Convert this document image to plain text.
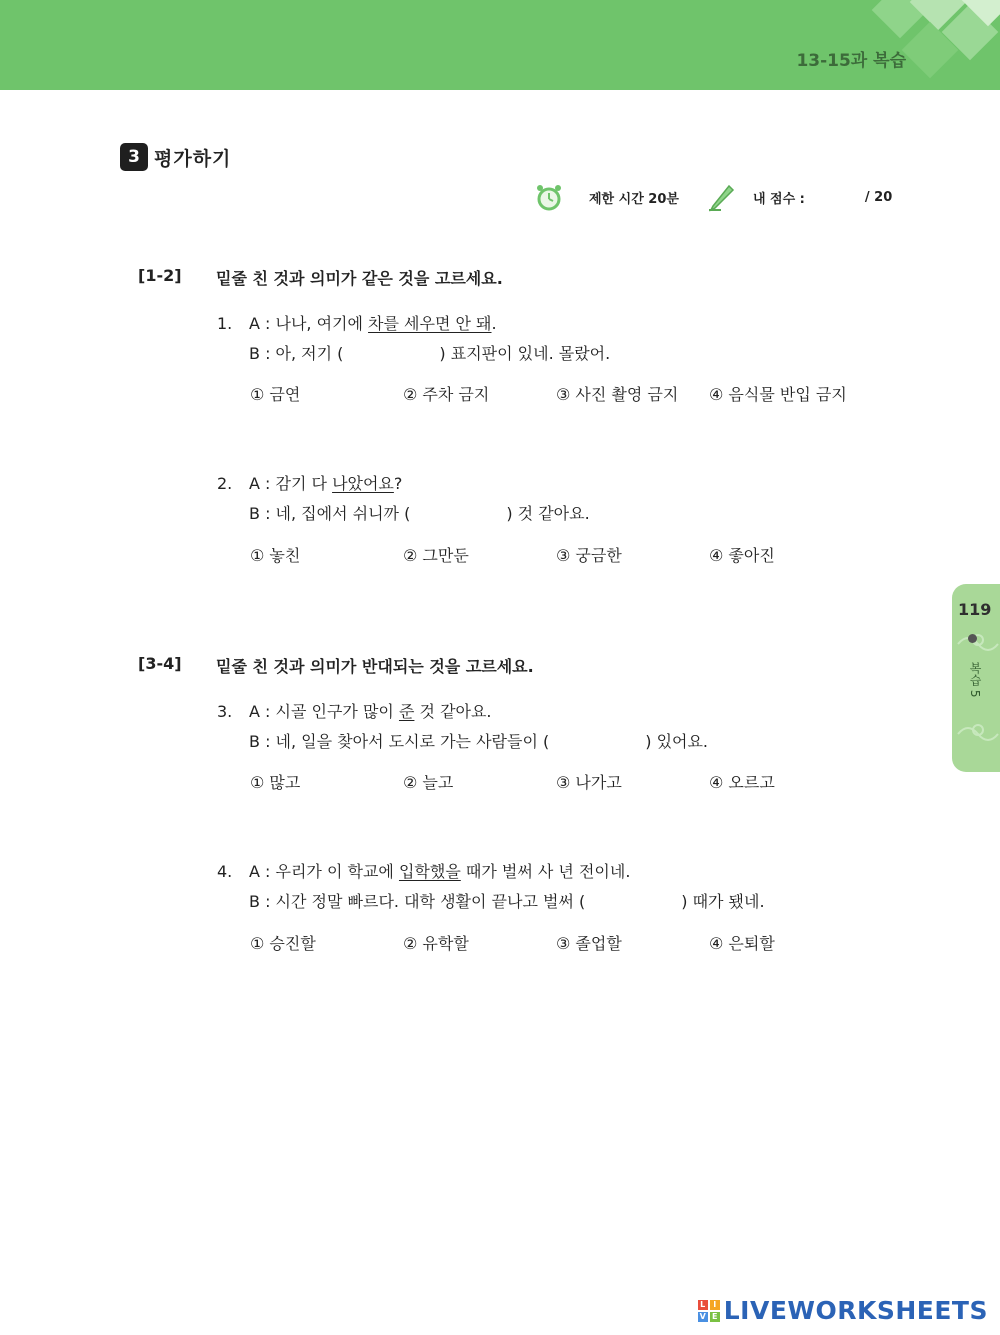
13-15과 복습
3 평가하기
제한 시간 20분	내 점수 :	/ 20
[1-2]	밑줄 친 것과 의미가 같은 것을 고르세요.
1. A : 나나, 여기에 차를 세우면 안 돼.
B : 아, 저기 (	) 표지판이 있네. 몰랐어.
① 금연	② 주차 금지	③ 사진 촬영 금지	④ 음식물 반입 금지
2. A : 감기 다 나았어요?
B : 네, 집에서 쉬니까 (	) 것 같아요.
① 놓친	② 그만둔	③ 궁금한	④ 좋아진
[3-4]	밑줄 친 것과 의미가 반대되는 것을 고르세요.
3. A : 시골 인구가 많이 준 것 같아요.
B : 네, 일을 찾아서 도시로 가는 사람들이 (	) 있어요.
① 많고	② 늘고	③ 나가고	④ 오르고
4. A : 우리가 이 학교에 입학했을 때가 벌써 사 년 전이네.
B : 시간 정말 빠르다. 대학 생활이 끝나고 벌써 (	) 때가 됐네.
① 승진할	② 유학할	③ 졸업할	④ 은퇴할
119
복습 5
L I
V E LIVEWORKSHEETS
